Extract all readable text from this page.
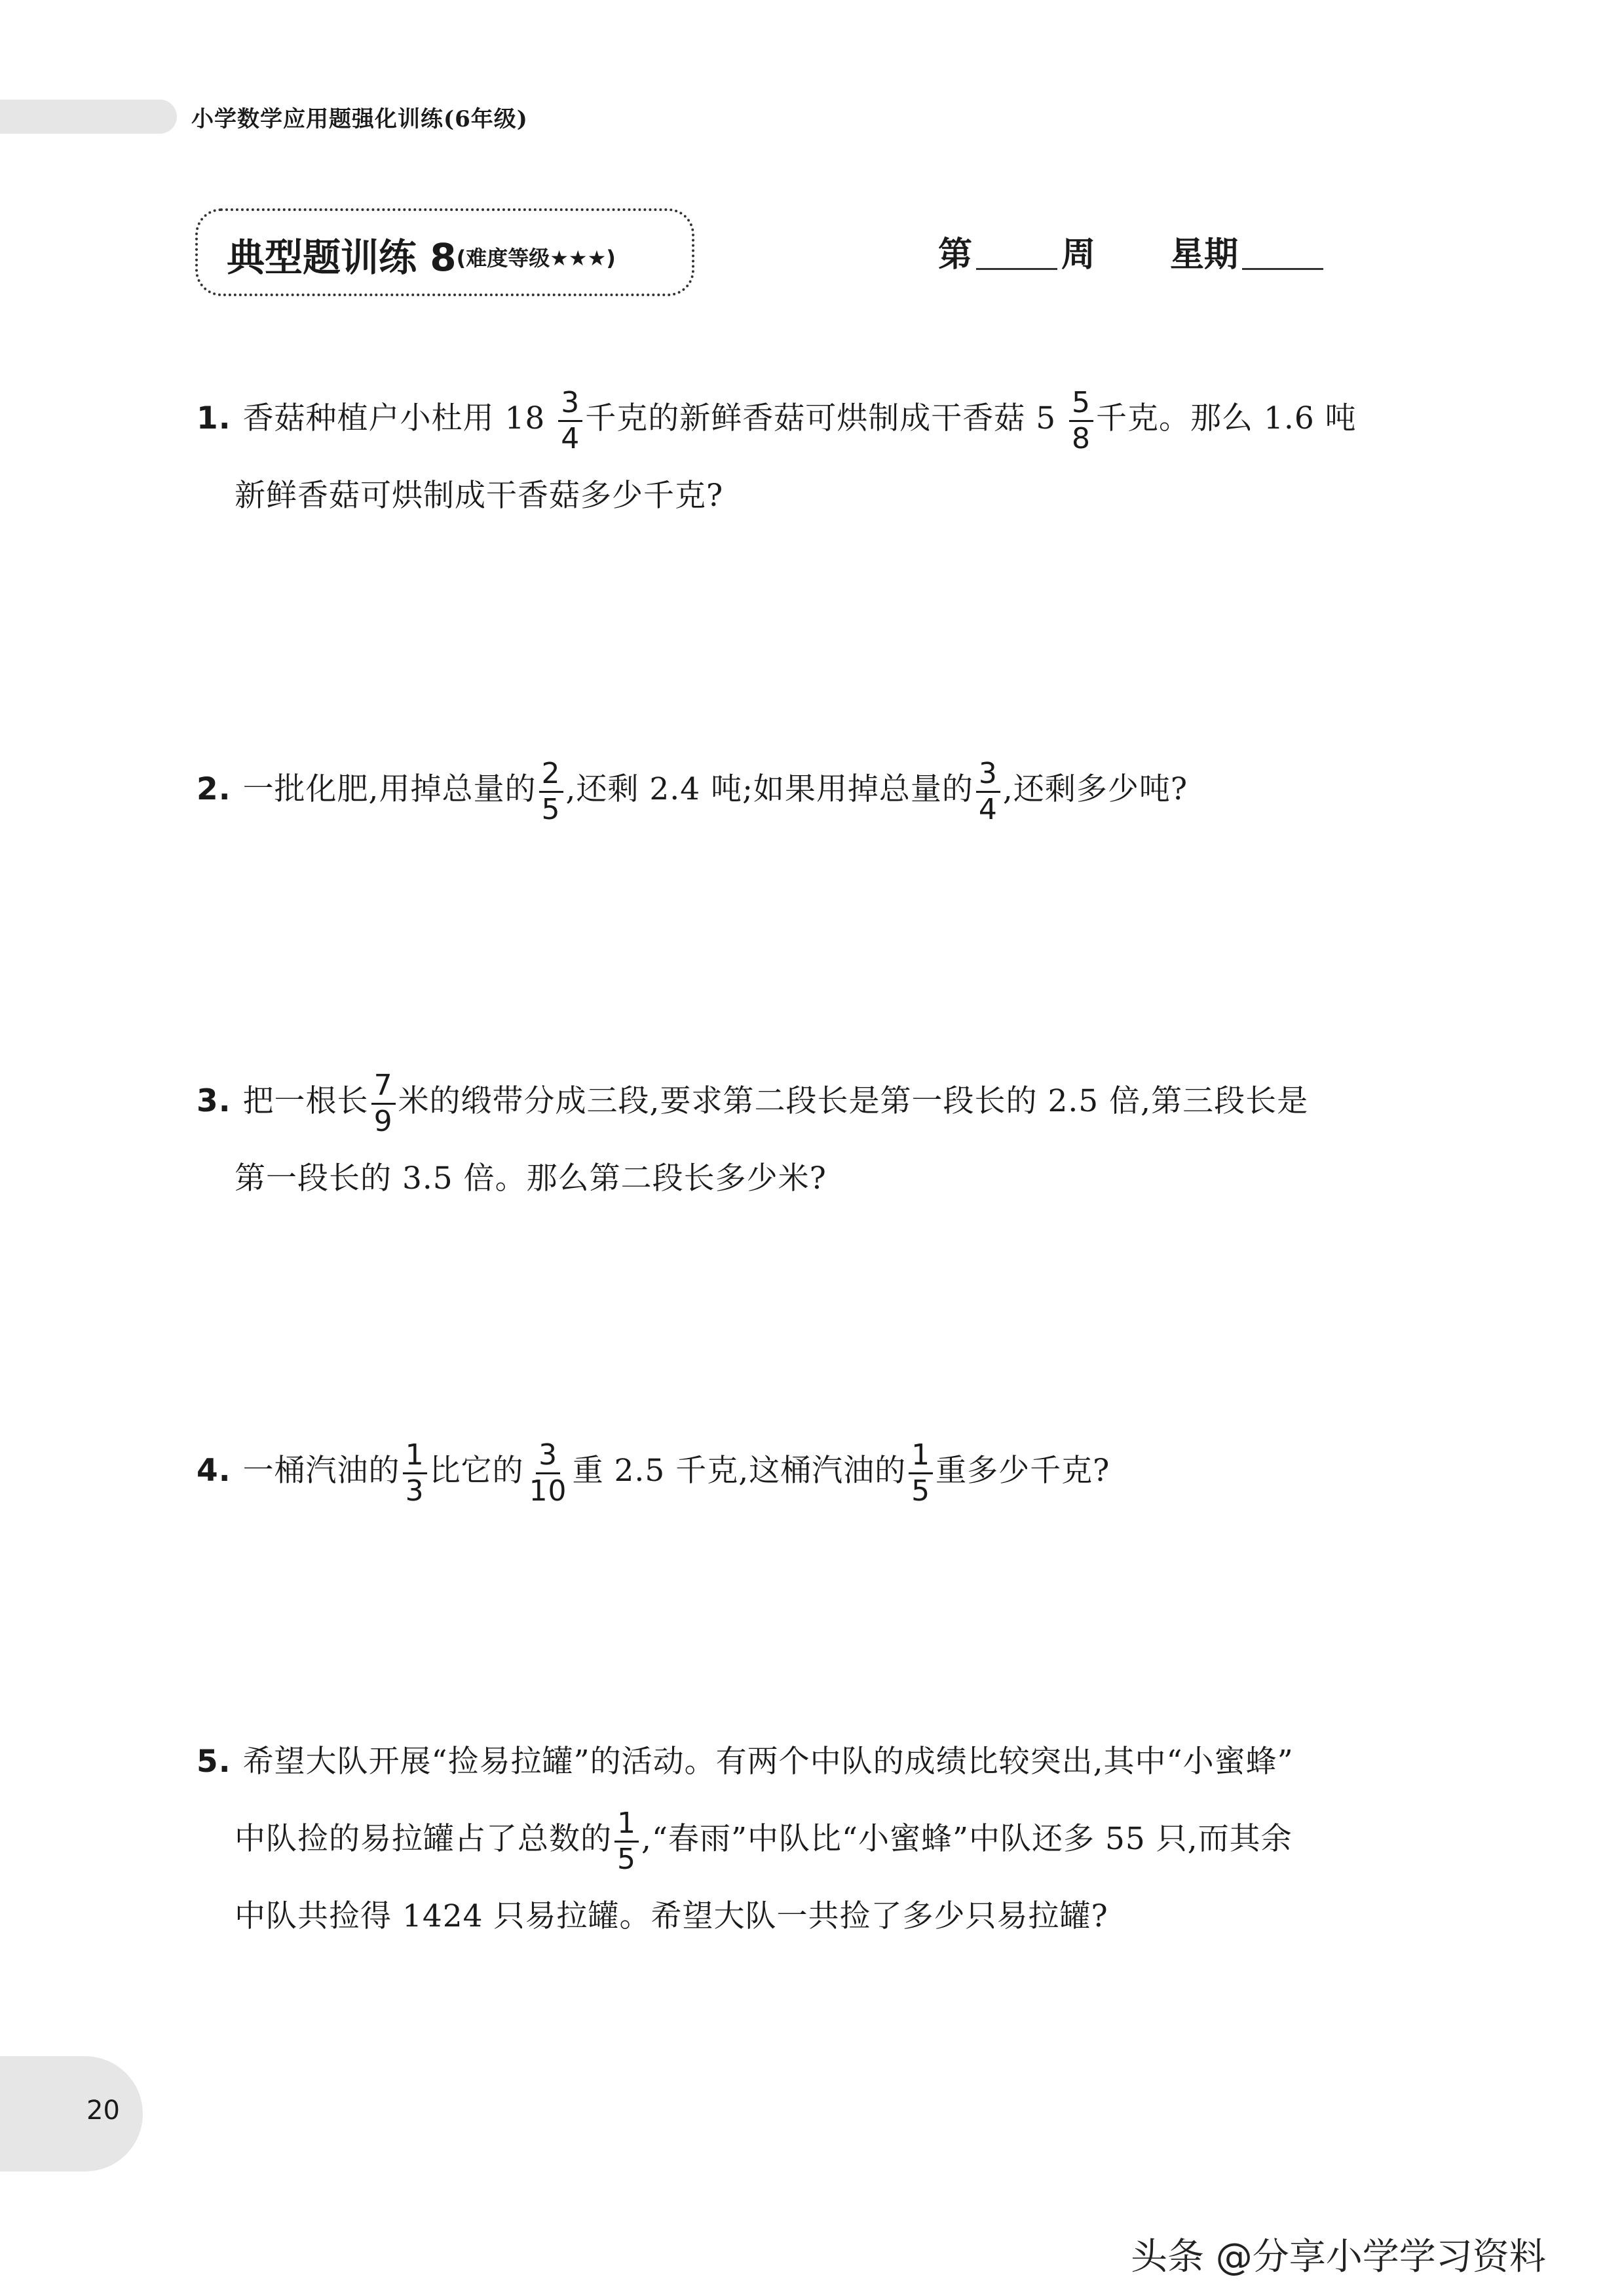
小学数学应用题强化训练(6年级)
典型题训练 8(难度等级★★★)	第	周 星期
1. 香菇种植户小杜用 $18 \frac{3}{4}$ 千克的新鲜香菇可烘制成干香菇 $5 \frac{5}{8}$ 千克。那么 1.6 吨
新鲜香菇可烘制成干香菇多少千克?
2. 一批化肥,用掉总量的 $\frac{2}{5}$ ,还剩 2.4 吨;如果用掉总量的 $\frac{3}{4}$ ,还剩多少吨?
3. 把一根长 $\frac{7}{9}$ 米的缎带分成三段,要求第二段长是第一段长的 2.5 倍,第三段长是
第一段长的 3.5 倍。那么第二段长多少米?
4. 一桶汽油的 $\frac{1}{3}$ 比它的 $\frac{3}{10}$ 重 2.5 千克,这桶汽油的 $\frac{1}{5}$ 重多少千克?
5. 希望大队开展“捡易拉罐”的活动。有两个中队的成绩比较突出,其中“小蜜蜂”
中队捡的易拉罐占了总数的 $\frac{1}{5}$ ,“春雨”中队比“小蜜蜂”中队还多 55 只,而其余
中队共捡得 1424 只易拉罐。希望大队一共捡了多少只易拉罐?
20
头条 @分享小学学习资料
